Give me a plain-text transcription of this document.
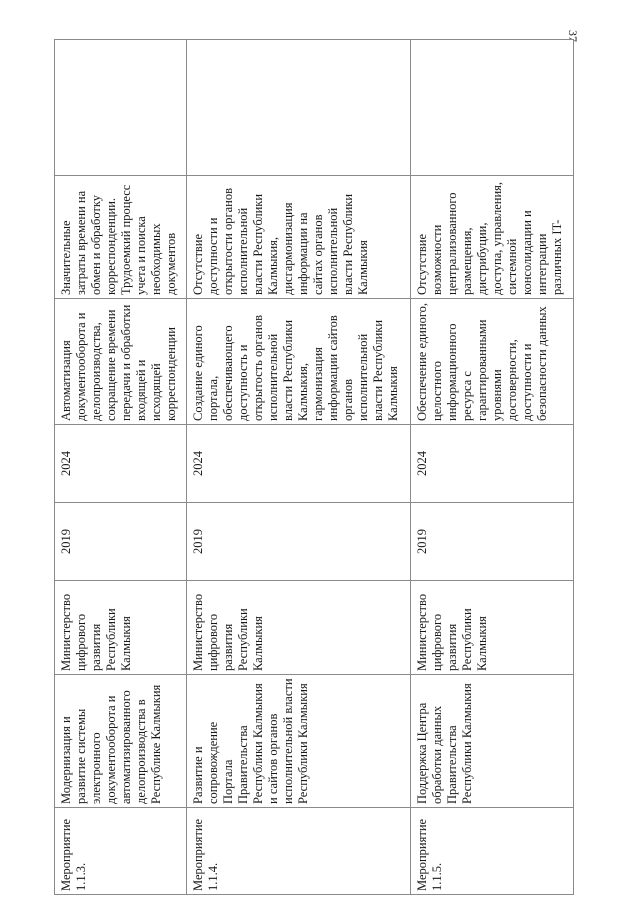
37
Мероприятие 1.1.3.	Модернизация и развитие системы электронного документооборота и автоматизированного делопроизводства в Республике Калмыкия	Министерство цифрового развития Республики Калмыкия	2019	2024	Автоматизация документооборота и делопроизводства, сокращение времени передачи и обработки входящей и исходящей корреспонденции	Значительные затраты времени на обмен и обработку корреспонденции. Трудоемкий процесс учета и поиска необходимых документов	
Мероприятие 1.1.4.	Развитие и сопровождение Портала Правительства Республики Калмыкия и сайтов органов исполнительной власти Республики Калмыкия	Министерство цифрового развития Республики Калмыкия	2019	2024	Создание единого портала, обеспечивающего доступность и открытость органов исполнительной власти Республики Калмыкия, гармонизация информации сайтов органов исполнительной власти Республики Калмыкия	Отсутствие доступности и открытости органов исполнительной власти Республики Калмыкия, дисгармонизация информации на сайтах органов исполнительной власти Республики Калмыкия	
Мероприятие 1.1.5.	Поддержка Центра обработки данных Правительства Республики Калмыкия	Министерство цифрового развития Республики Калмыкия	2019	2024	Обеспечение единого, целостного информационного ресурса с гарантированными уровнями достоверности, доступности и безопасности данных	Отсутствие возможности централизованного размещения, дистрибуции, доступа, управления, системной консолидации и интеграции различных IT-	
